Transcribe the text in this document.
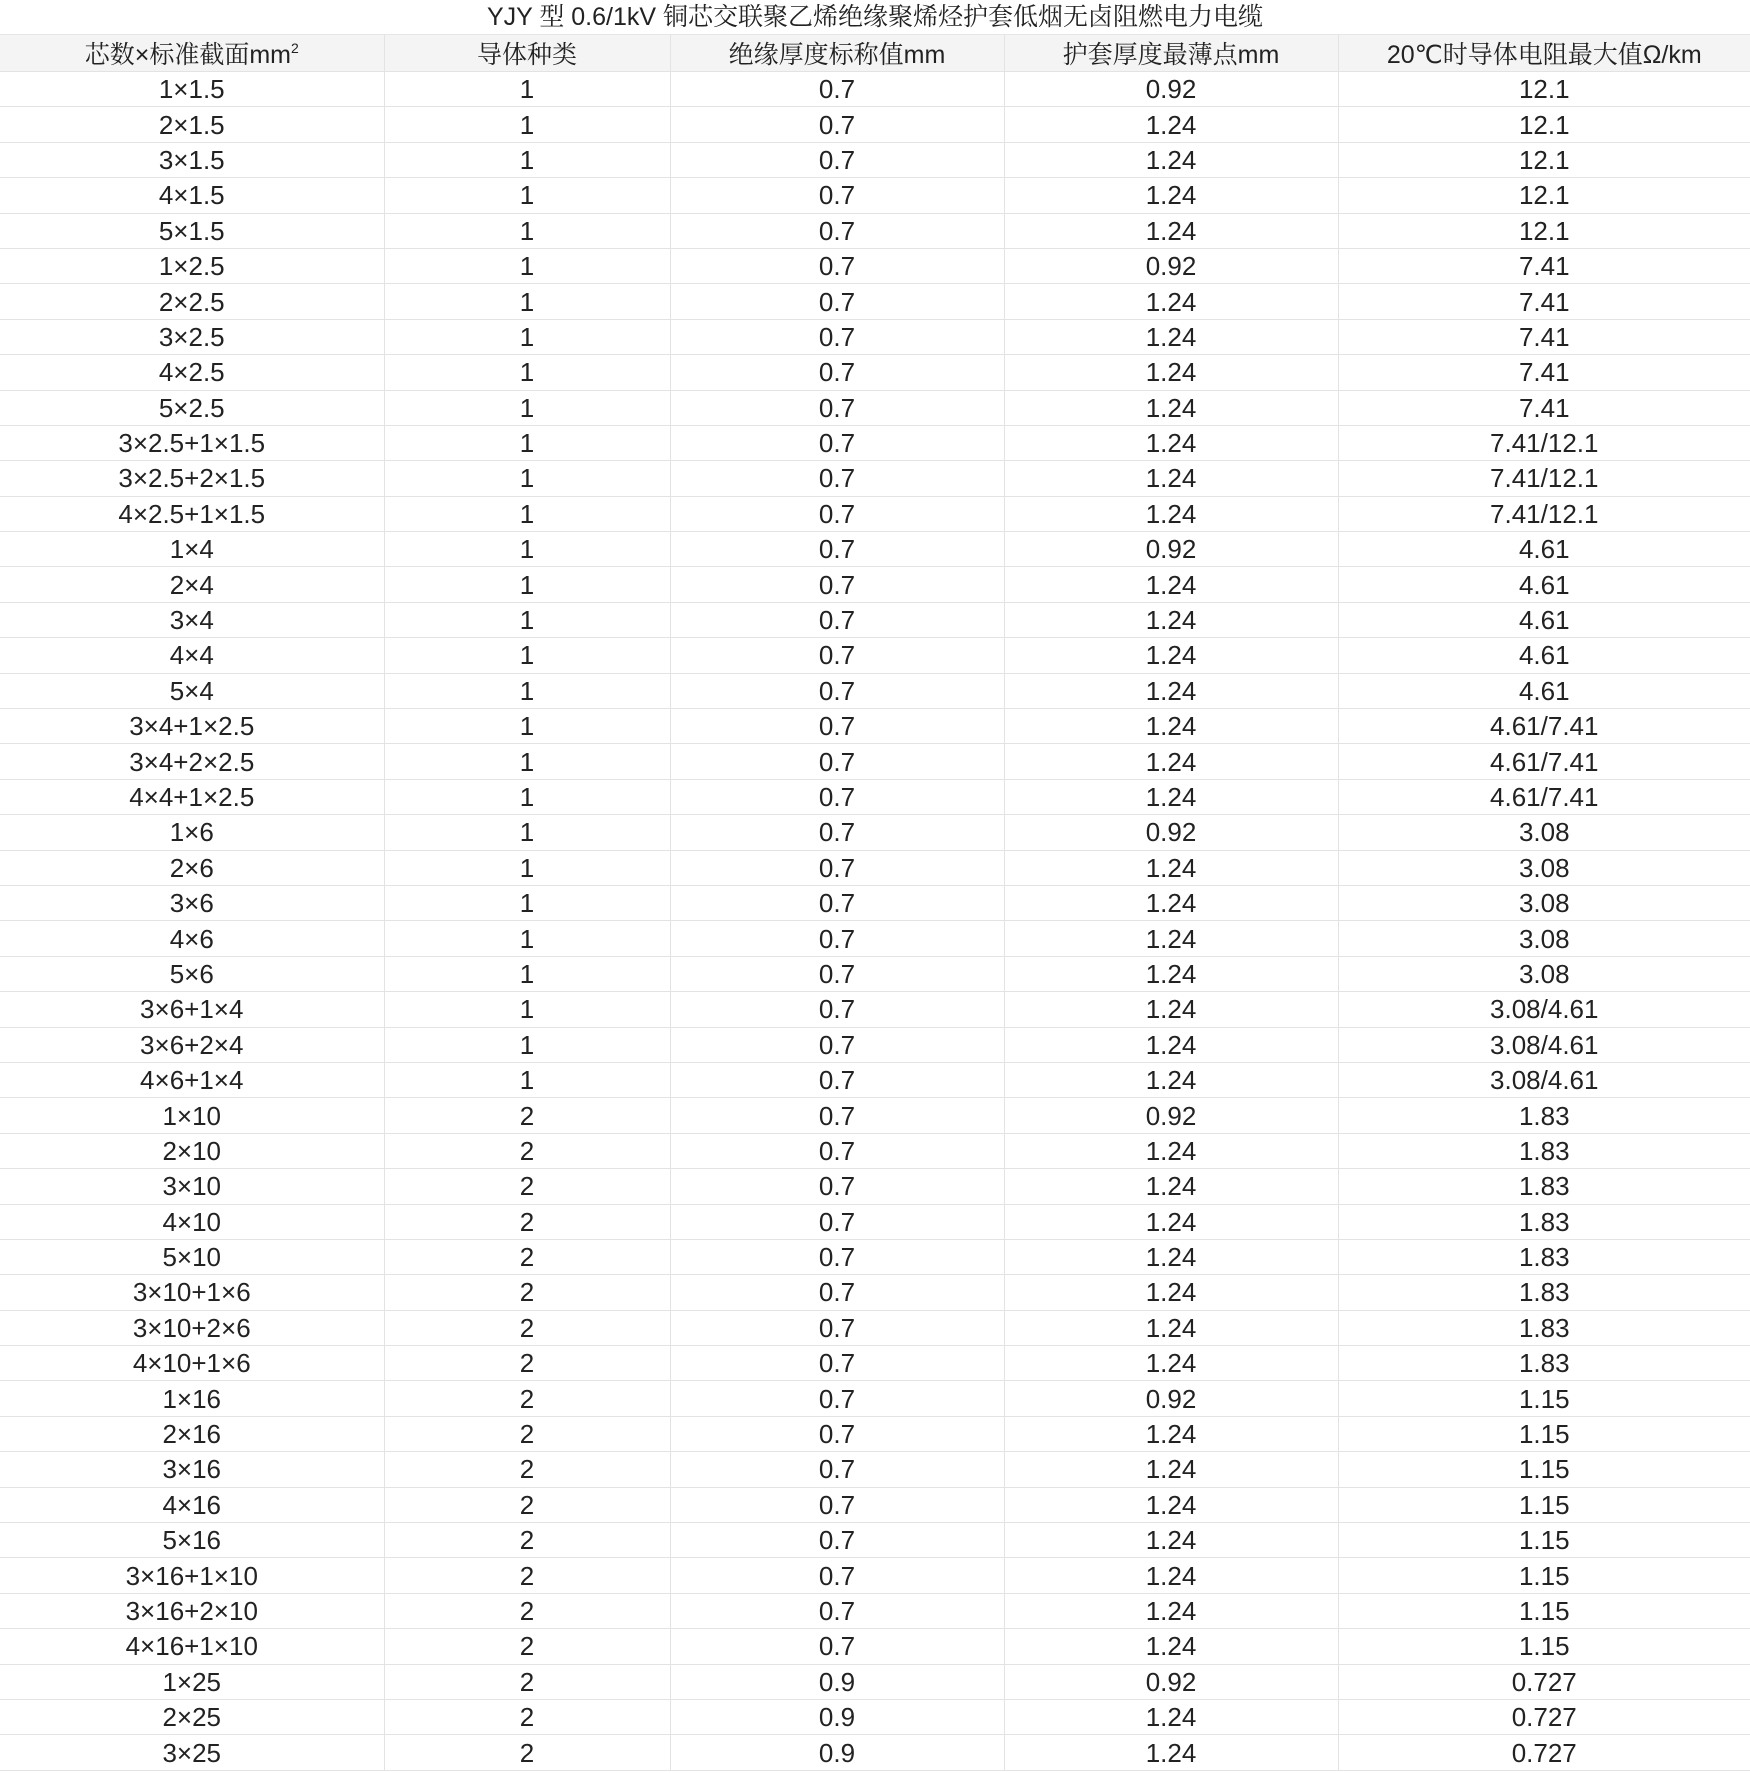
YJY 型 0.6/1kV 铜芯交联聚乙烯绝缘聚烯烃护套低烟无卤阻燃电力电缆
芯数×标准截面$mm^2$	导体种类	绝缘厚度标称值mm	护套厚度最薄点mm	20℃时导体电阻最大值Ω/km
1×1.5	1	0.7	0.92	12.1
2×1.5	1	0.7	1.24	12.1
3×1.5	1	0.7	1.24	12.1
4×1.5	1	0.7	1.24	12.1
5×1.5	1	0.7	1.24	12.1
1×2.5	1	0.7	0.92	7.41
2×2.5	1	0.7	1.24	7.41
3×2.5	1	0.7	1.24	7.41
4×2.5	1	0.7	1.24	7.41
5×2.5	1	0.7	1.24	7.41
3×2.5+1×1.5	1	0.7	1.24	7.41/12.1
3×2.5+2×1.5	1	0.7	1.24	7.41/12.1
4×2.5+1×1.5	1	0.7	1.24	7.41/12.1
1×4	1	0.7	0.92	4.61
2×4	1	0.7	1.24	4.61
3×4	1	0.7	1.24	4.61
4×4	1	0.7	1.24	4.61
5×4	1	0.7	1.24	4.61
3×4+1×2.5	1	0.7	1.24	4.61/7.41
3×4+2×2.5	1	0.7	1.24	4.61/7.41
4×4+1×2.5	1	0.7	1.24	4.61/7.41
1×6	1	0.7	0.92	3.08
2×6	1	0.7	1.24	3.08
3×6	1	0.7	1.24	3.08
4×6	1	0.7	1.24	3.08
5×6	1	0.7	1.24	3.08
3×6+1×4	1	0.7	1.24	3.08/4.61
3×6+2×4	1	0.7	1.24	3.08/4.61
4×6+1×4	1	0.7	1.24	3.08/4.61
1×10	2	0.7	0.92	1.83
2×10	2	0.7	1.24	1.83
3×10	2	0.7	1.24	1.83
4×10	2	0.7	1.24	1.83
5×10	2	0.7	1.24	1.83
3×10+1×6	2	0.7	1.24	1.83
3×10+2×6	2	0.7	1.24	1.83
4×10+1×6	2	0.7	1.24	1.83
1×16	2	0.7	0.92	1.15
2×16	2	0.7	1.24	1.15
3×16	2	0.7	1.24	1.15
4×16	2	0.7	1.24	1.15
5×16	2	0.7	1.24	1.15
3×16+1×10	2	0.7	1.24	1.15
3×16+2×10	2	0.7	1.24	1.15
4×16+1×10	2	0.7	1.24	1.15
1×25	2	0.9	0.92	0.727
2×25	2	0.9	1.24	0.727
3×25	2	0.9	1.24	0.727
